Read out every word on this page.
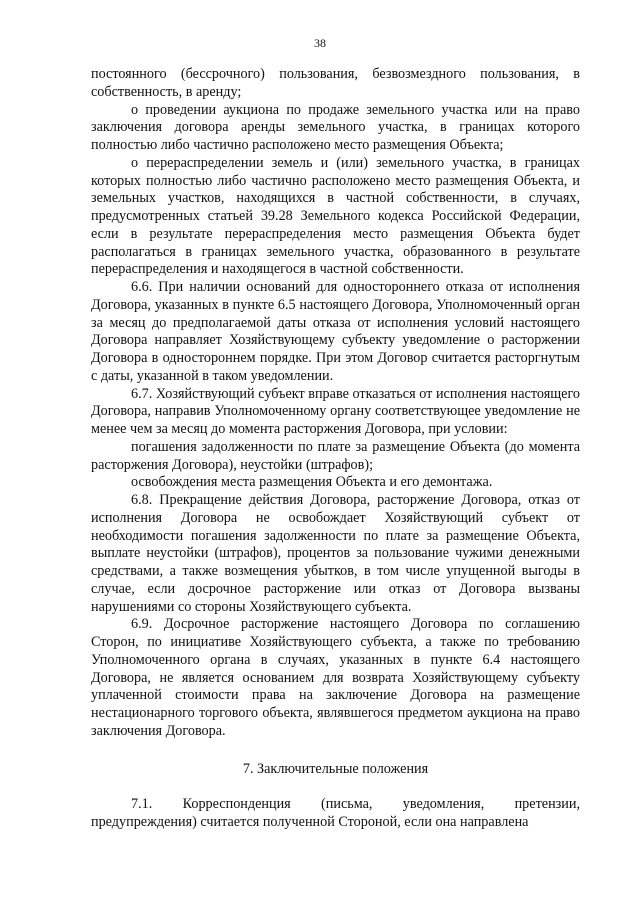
38

постоянного (бессрочного) пользования, безвозмездного пользования, в собственность, в аренду;

о проведении аукциона по продаже земельного участка или на право заключения договора аренды земельного участка, в границах которого полностью либо частично расположено место размещения Объекта;

о перераспределении земель и (или) земельного участка, в границах которых полностью либо частично расположено место размещения Объекта, и земельных участков, находящихся в частной собственности, в случаях, предусмотренных статьей 39.28 Земельного кодекса Российской Федерации, если в результате перераспределения место размещения Объекта будет располагаться в границах земельного участка, образованного в результате перераспределения и находящегося в частной собственности.

6.6. При наличии оснований для одностороннего отказа от исполнения Договора, указанных в пункте 6.5 настоящего Договора, Уполномоченный орган за месяц до предполагаемой даты отказа от исполнения условий настоящего Договора направляет Хозяйствующему субъекту уведомление о расторжении Договора в одностороннем порядке. При этом Договор считается расторгнутым с даты, указанной в таком уведомлении.

6.7. Хозяйствующий субъект вправе отказаться от исполнения настоящего Договора, направив Уполномоченному органу соответствующее уведомление не менее чем за месяц до момента расторжения Договора, при условии:

погашения задолженности по плате за размещение Объекта (до момента расторжения Договора), неустойки (штрафов);

освобождения места размещения Объекта и его демонтажа.

6.8. Прекращение действия Договора, расторжение Договора, отказ от исполнения Договора не освобождает Хозяйствующий субъект от необходимости погашения задолженности по плате за размещение Объекта, выплате неустойки (штрафов), процентов за пользование чужими денежными средствами, а также возмещения убытков, в том числе упущенной выгоды в случае, если досрочное расторжение или отказ от Договора вызваны нарушениями со стороны Хозяйствующего субъекта.

6.9. Досрочное расторжение настоящего Договора по соглашению Сторон, по инициативе Хозяйствующего субъекта, а также по требованию Уполномоченного органа в случаях, указанных в пункте 6.4 настоящего Договора, не является основанием для возврата Хозяйствующему субъекту уплаченной стоимости права на заключение Договора на размещение нестационарного торгового объекта, являвшегося предметом аукциона на право заключения Договора.

7. Заключительные положения

7.1. Корреспонденция (письма, уведомления, претензии, предупреждения) считается полученной Стороной, если она направлена
